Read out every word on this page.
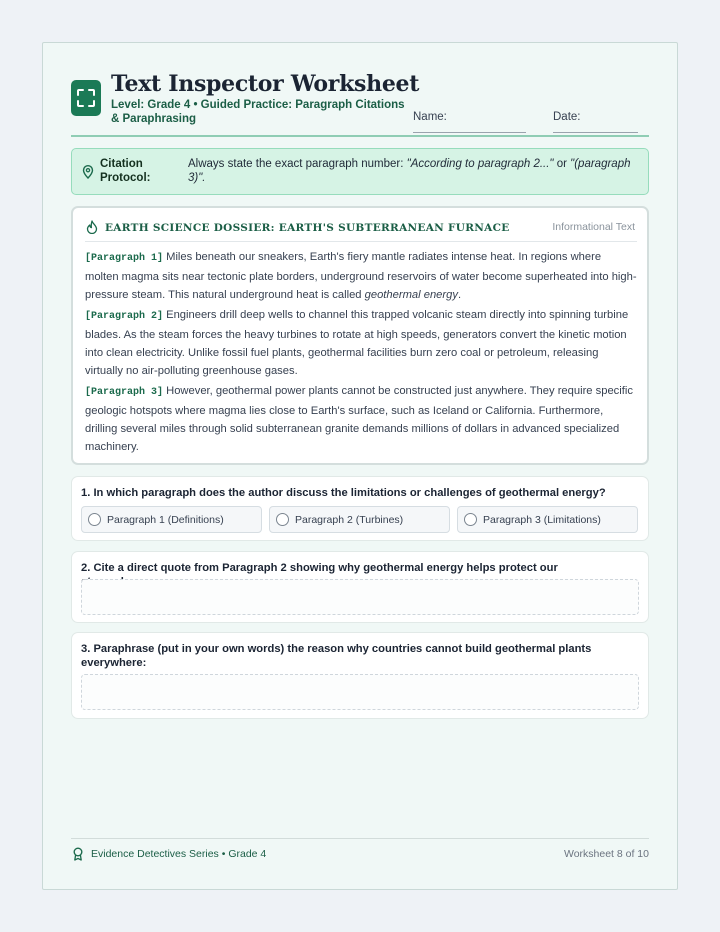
Text Inspector Worksheet
Level: Grade 4 • Guided Practice: Paragraph Citations & Paraphrasing	Name:	Date:
Citation Protocol:
Always state the exact paragraph number: "According to paragraph 2..." or "(paragraph 3)".
EARTH SCIENCE DOSSIER: EARTH'S SUBTERRANEAN FURNACE	Informational Text

[Paragraph 1] Miles beneath our sneakers, Earth's fiery mantle radiates intense heat. In regions where molten magma sits near tectonic plate borders, underground reservoirs of water become superheated into high-pressure steam. This natural underground heat is called geothermal energy.

[Paragraph 2] Engineers drill deep wells to channel this trapped volcanic steam directly into spinning turbine blades. As the steam forces the heavy turbines to rotate at high speeds, generators convert the kinetic motion into clean electricity. Unlike fossil fuel plants, geothermal facilities burn zero coal or petroleum, releasing virtually no air-polluting greenhouse gases.

[Paragraph 3] However, geothermal power plants cannot be constructed just anywhere. They require specific geologic hotspots where magma lies close to Earth's surface, such as Iceland or California. Furthermore, drilling several miles through solid subterranean granite demands millions of dollars in advanced specialized machinery.

1. In which paragraph does the author discuss the limitations or challenges of geothermal energy?
Paragraph 1 (Definitions)	Paragraph 2 (Turbines)	Paragraph 3 (Limitations)
2. Cite a direct quote from Paragraph 2 showing why geothermal energy helps protect our
3. Paraphrase (put in your own words) the reason why countries cannot build geothermal plants everywhere:
Evidence Detectives Series • Grade 4	Worksheet 8 of 10
